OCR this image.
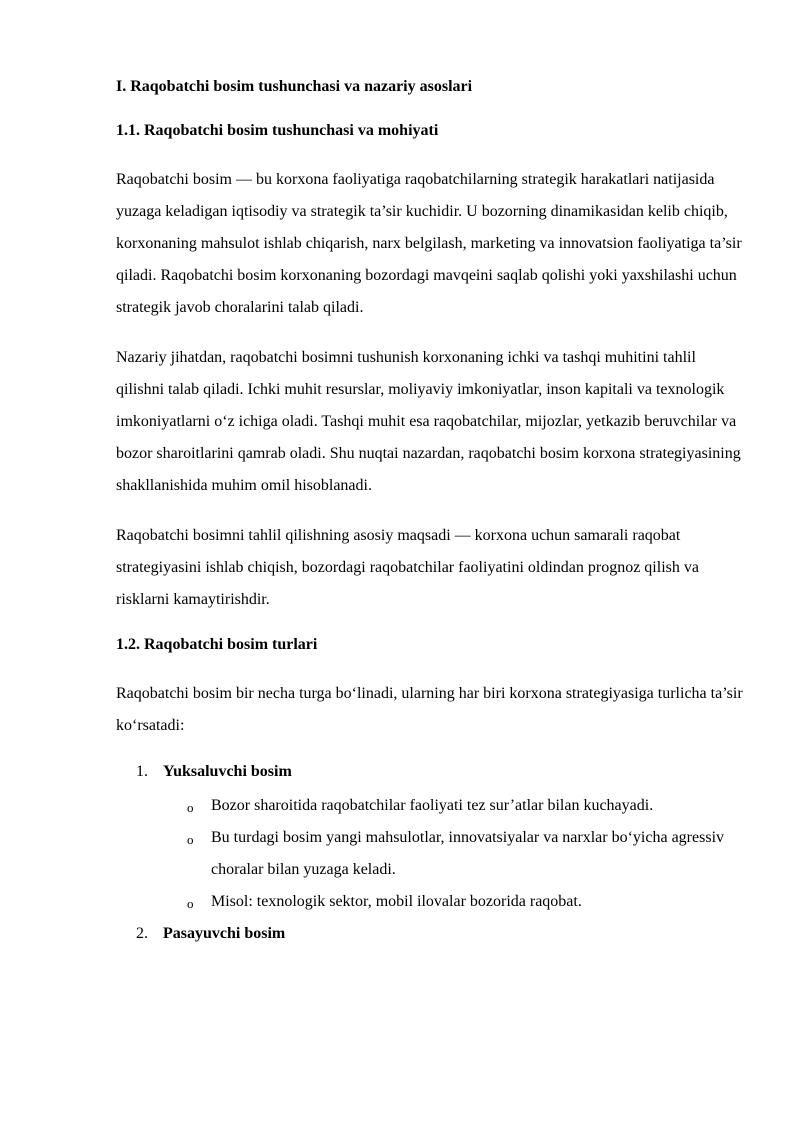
I. Raqobatchi bosim tushunchasi va nazariy asoslari
1.1. Raqobatchi bosim tushunchasi va mohiyati

Raqobatchi bosim — bu korxona faoliyatiga raqobatchilarning strategik harakatlari natijasida yuzaga keladigan iqtisodiy va strategik ta’sir kuchidir. U bozorning dinamikasidan kelib chiqib, korxonaning mahsulot ishlab chiqarish, narx belgilash, marketing va innovatsion faoliyatiga ta’sir qiladi. Raqobatchi bosim korxonaning bozordagi mavqeini saqlab qolishi yoki yaxshilashi uchun strategik javob choralarini talab qiladi.

Nazariy jihatdan, raqobatchi bosimni tushunish korxonaning ichki va tashqi muhitini tahlil qilishni talab qiladi. Ichki muhit resurslar, moliyaviy imkoniyatlar, inson kapitali va texnologik imkoniyatlarni o‘z ichiga oladi. Tashqi muhit esa raqobatchilar, mijozlar, yetkazib beruvchilar va bozor sharoitlarini qamrab oladi. Shu nuqtai nazardan, raqobatchi bosim korxona strategiyasining shakllanishida muhim omil hisoblanadi.

Raqobatchi bosimni tahlil qilishning asosiy maqsadi — korxona uchun samarali raqobat strategiyasini ishlab chiqish, bozordagi raqobatchilar faoliyatini oldindan prognoz qilish va risklarni kamaytirishdir.

1.2. Raqobatchi bosim turlari

Raqobatchi bosim bir necha turga bo‘linadi, ularning har biri korxona strategiyasiga turlicha ta’sir ko‘rsatadi:

1. Yuksaluvchi bosim
o Bozor sharoitida raqobatchilar faoliyati tez sur’atlar bilan kuchayadi.
o Bu turdagi bosim yangi mahsulotlar, innovatsiyalar va narxlar bo‘yicha agressiv choralar bilan yuzaga keladi.
o Misol: texnologik sektor, mobil ilovalar bozorida raqobat.
2. Pasayuvchi bosim
